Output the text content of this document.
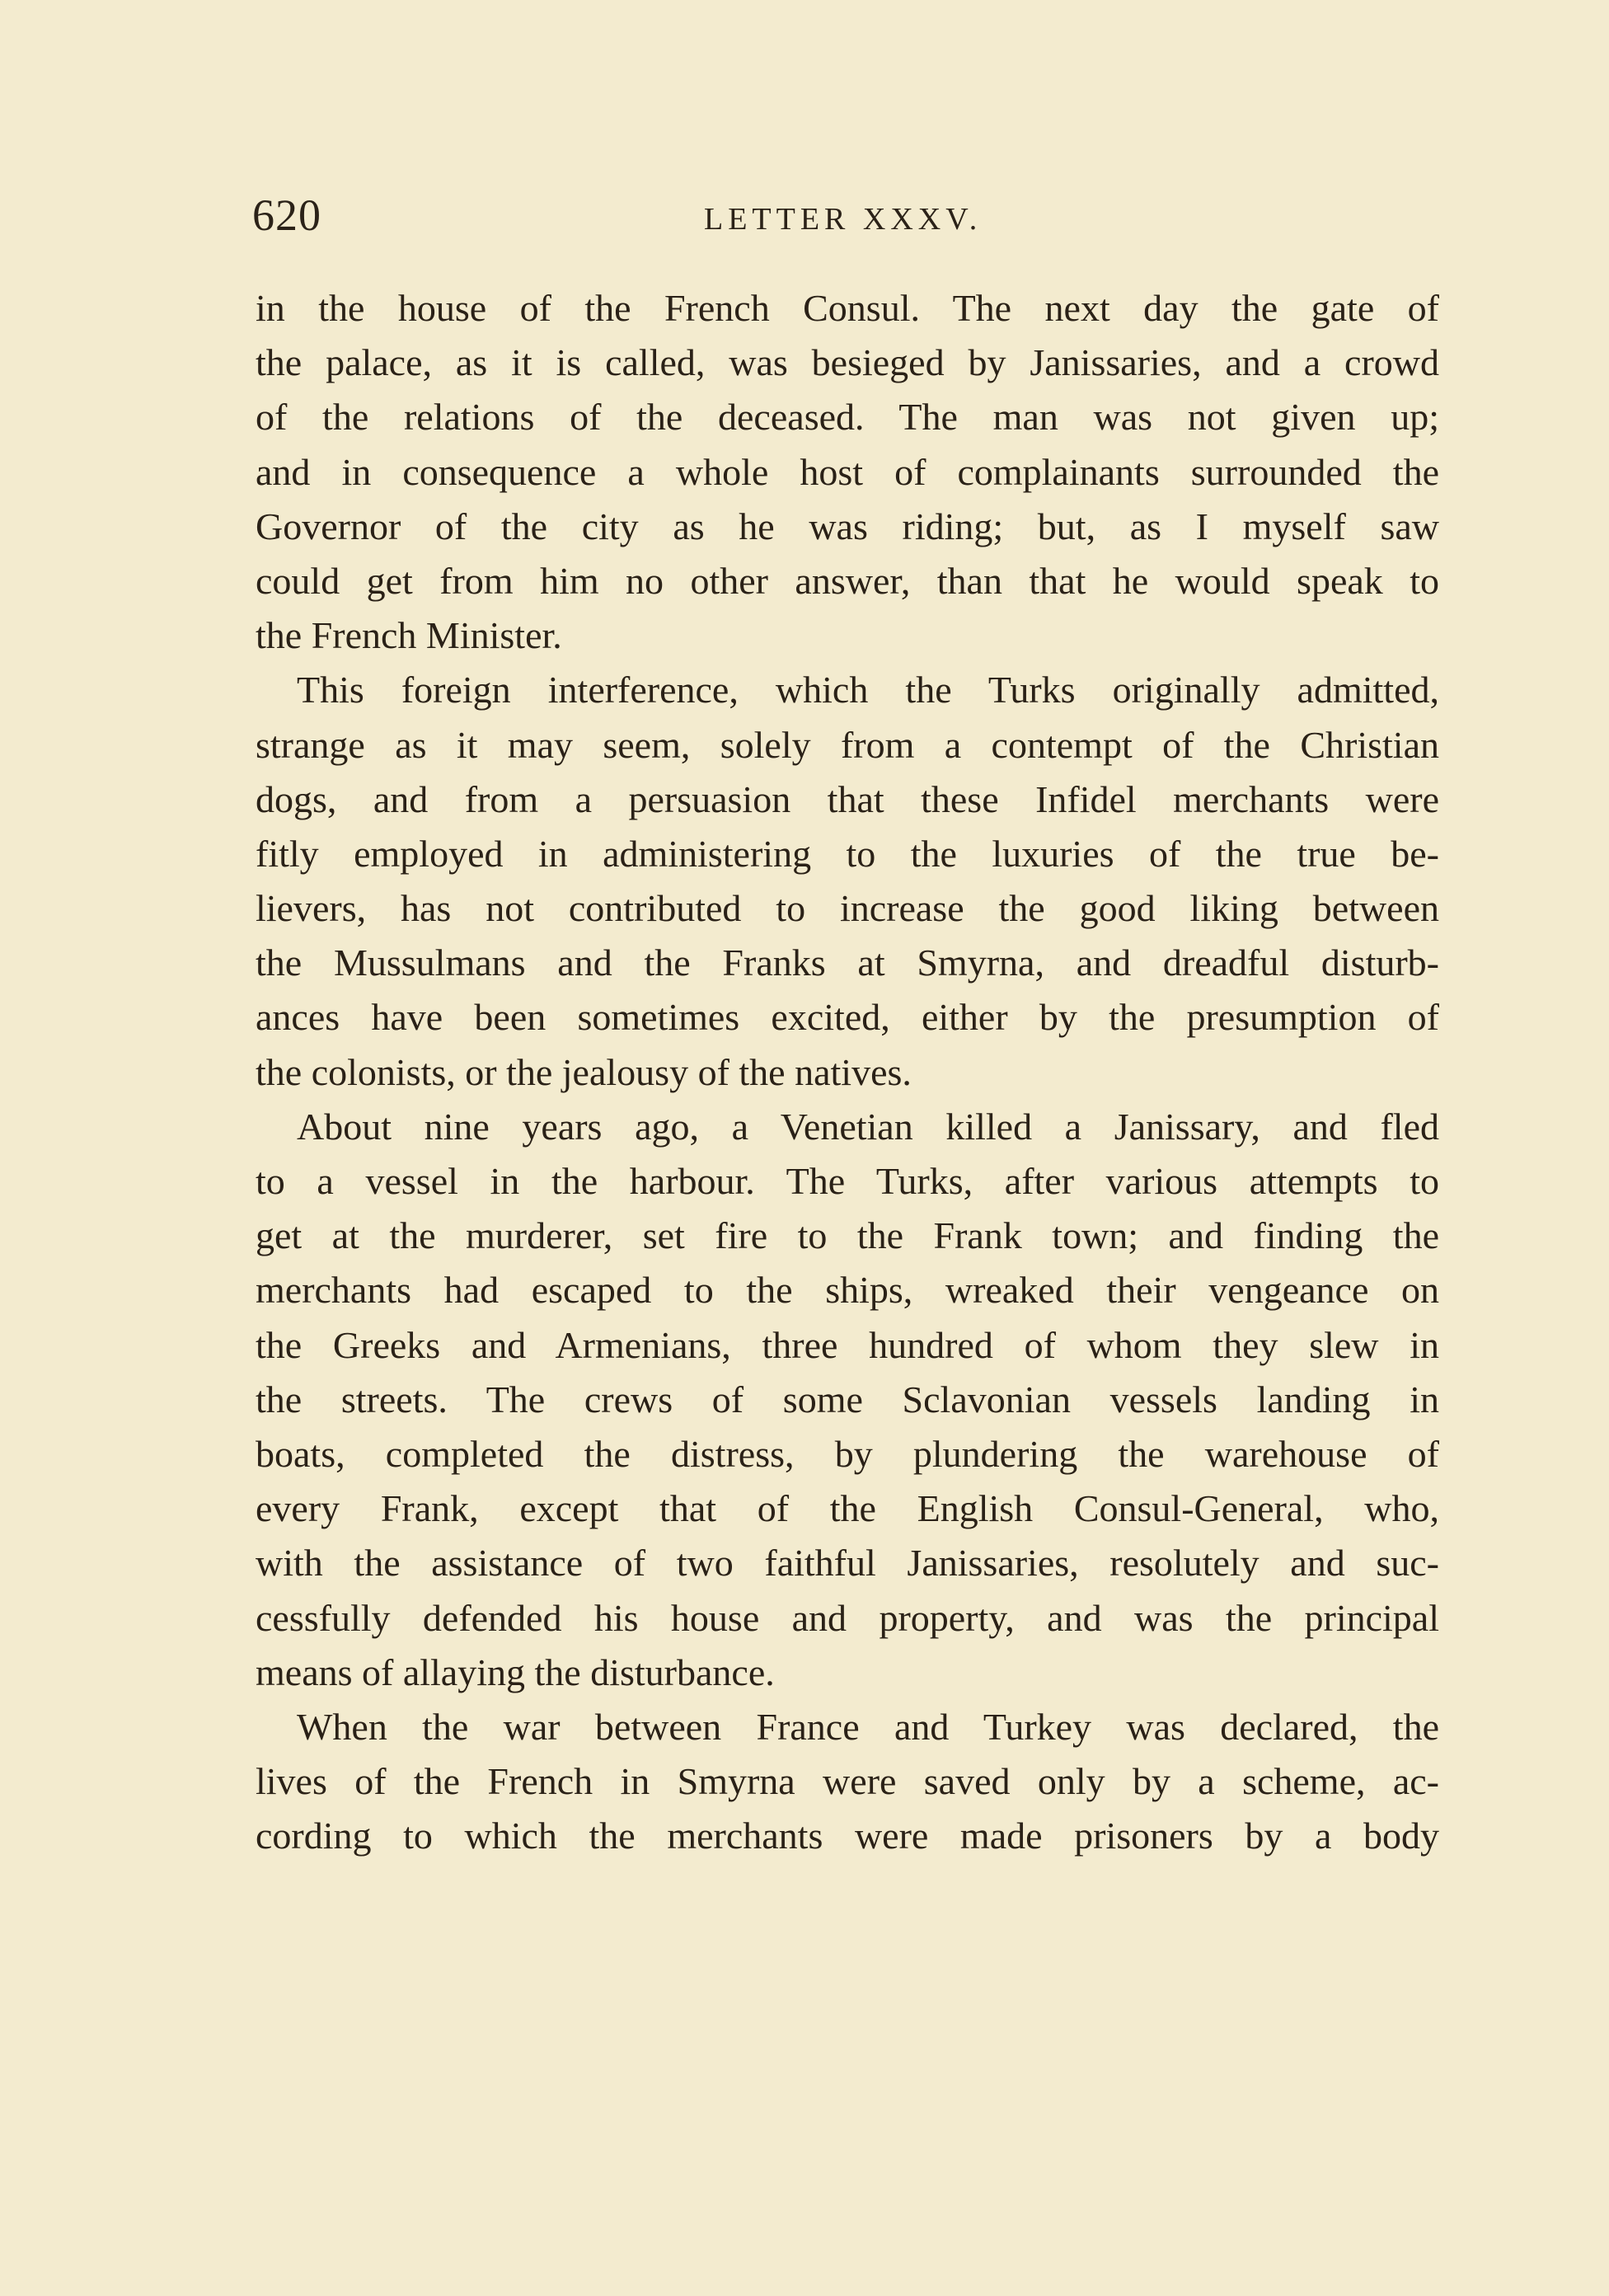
620	LETTER XXXV.
in the house of the French Consul. The next day the gate of
the palace, as it is called, was besieged by Janissaries, and a crowd
of the relations of the deceased. The man was not given up;
and in consequence a whole host of complainants surrounded the
Governor of the city as he was riding; but, as I myself saw
could get from him no other answer, than that he would speak to
the French Minister.
This foreign interference, which the Turks originally admitted,
strange as it may seem, solely from a contempt of the Christian
dogs, and from a persuasion that these Infidel merchants were
fitly employed in administering to the luxuries of the true be-
lievers, has not contributed to increase the good liking between
the Mussulmans and the Franks at Smyrna, and dreadful disturb-
ances have been sometimes excited, either by the presumption of
the colonists, or the jealousy of the natives.
About nine years ago, a Venetian killed a Janissary, and fled
to a vessel in the harbour. The Turks, after various attempts to
get at the murderer, set fire to the Frank town; and finding the
merchants had escaped to the ships, wreaked their vengeance on
the Greeks and Armenians, three hundred of whom they slew in
the streets. The crews of some Sclavonian vessels landing in
boats, completed the distress, by plundering the warehouse of
every Frank, except that of the English Consul-General, who,
with the assistance of two faithful Janissaries, resolutely and suc-
cessfully defended his house and property, and was the principal
means of allaying the disturbance.
When the war between France and Turkey was declared, the
lives of the French in Smyrna were saved only by a scheme, ac-
cording to which the merchants were made prisoners by a body
